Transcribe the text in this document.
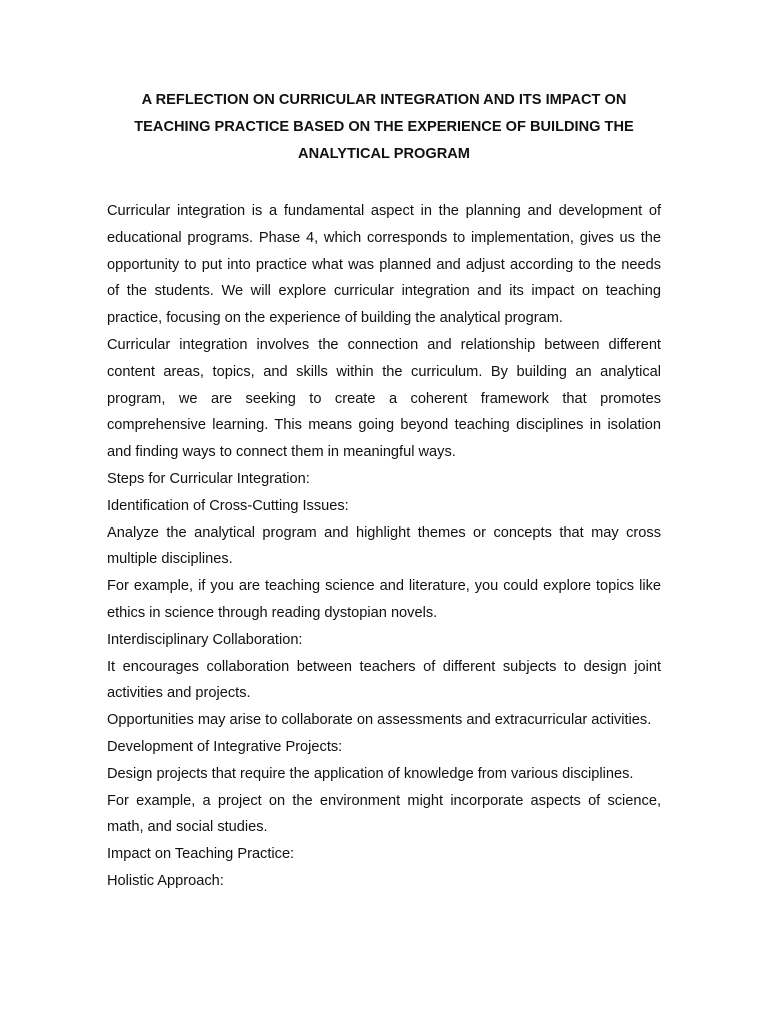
A REFLECTION ON CURRICULAR INTEGRATION AND ITS IMPACT ON TEACHING PRACTICE BASED ON THE EXPERIENCE OF BUILDING THE ANALYTICAL PROGRAM

Curricular integration is a fundamental aspect in the planning and development of educational programs. Phase 4, which corresponds to implementation, gives us the opportunity to put into practice what was planned and adjust according to the needs of the students. We will explore curricular integration and its impact on teaching practice, focusing on the experience of building the analytical program.

Curricular integration involves the connection and relationship between different content areas, topics, and skills within the curriculum. By building an analytical program, we are seeking to create a coherent framework that promotes comprehensive learning. This means going beyond teaching disciplines in isolation and finding ways to connect them in meaningful ways.

Steps for Curricular Integration:

Identification of Cross-Cutting Issues:

Analyze the analytical program and highlight themes or concepts that may cross multiple disciplines.

For example, if you are teaching science and literature, you could explore topics like ethics in science through reading dystopian novels.

Interdisciplinary Collaboration:

It encourages collaboration between teachers of different subjects to design joint activities and projects.

Opportunities may arise to collaborate on assessments and extracurricular activities.

Development of Integrative Projects:

Design projects that require the application of knowledge from various disciplines.

For example, a project on the environment might incorporate aspects of science, math, and social studies.

Impact on Teaching Practice:

Holistic Approach:
